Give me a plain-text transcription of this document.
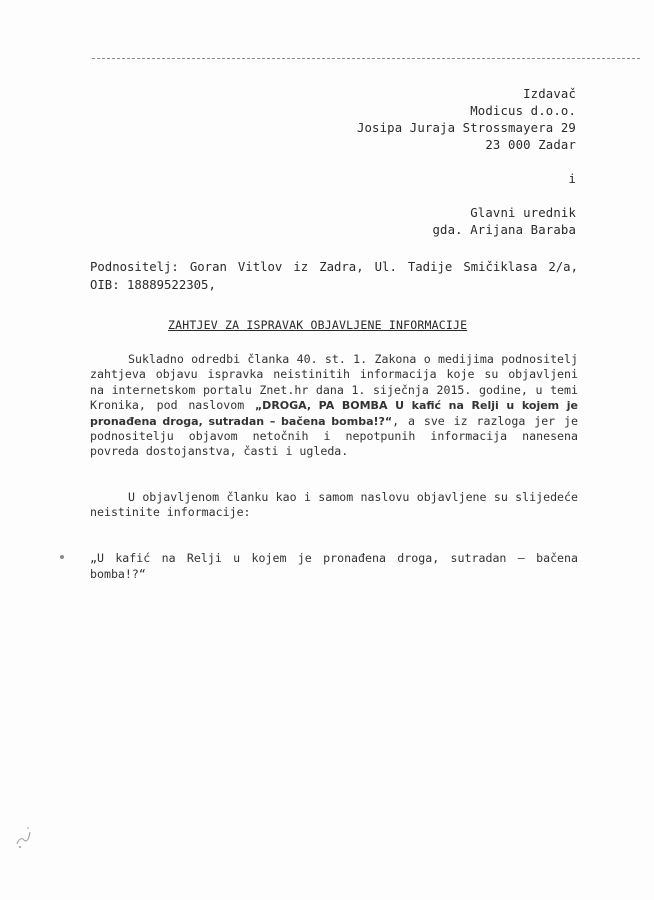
Izdavač
Modicus d.o.o.
Josipa Juraja Strossmayera 29
23 000 Zadar
i
Glavni urednik
gda. Arijana Baraba
Podnositelj: Goran Vitlov iz Zadra, Ul. Tadije Smičiklasa 2/a, OIB: 18889522305,
ZAHTJEV ZA ISPRAVAK OBJAVLJENE INFORMACIJE
Sukladno odredbi članka 40. st. 1. Zakona o medijima podnositelj zahtjeva objavu ispravka neistinitih informacija koje su objavljeni na internetskom portalu Znet.hr dana 1. siječnja 2015. godine, u temi Kronika, pod naslovom „DROGA, PA BOMBA U kafić na Relji u kojem je pronađena droga, sutradan – bačena bomba!?“, a sve iz razloga jer je podnositelju objavom netočnih i nepotpunih informacija nanesena povreda dostojanstva, časti i ugleda.
U objavljenom članku kao i samom naslovu objavljene su slijedeće neistinite informacije:
„U kafić na Relji u kojem je pronađena droga, sutradan – bačena bomba!?“
